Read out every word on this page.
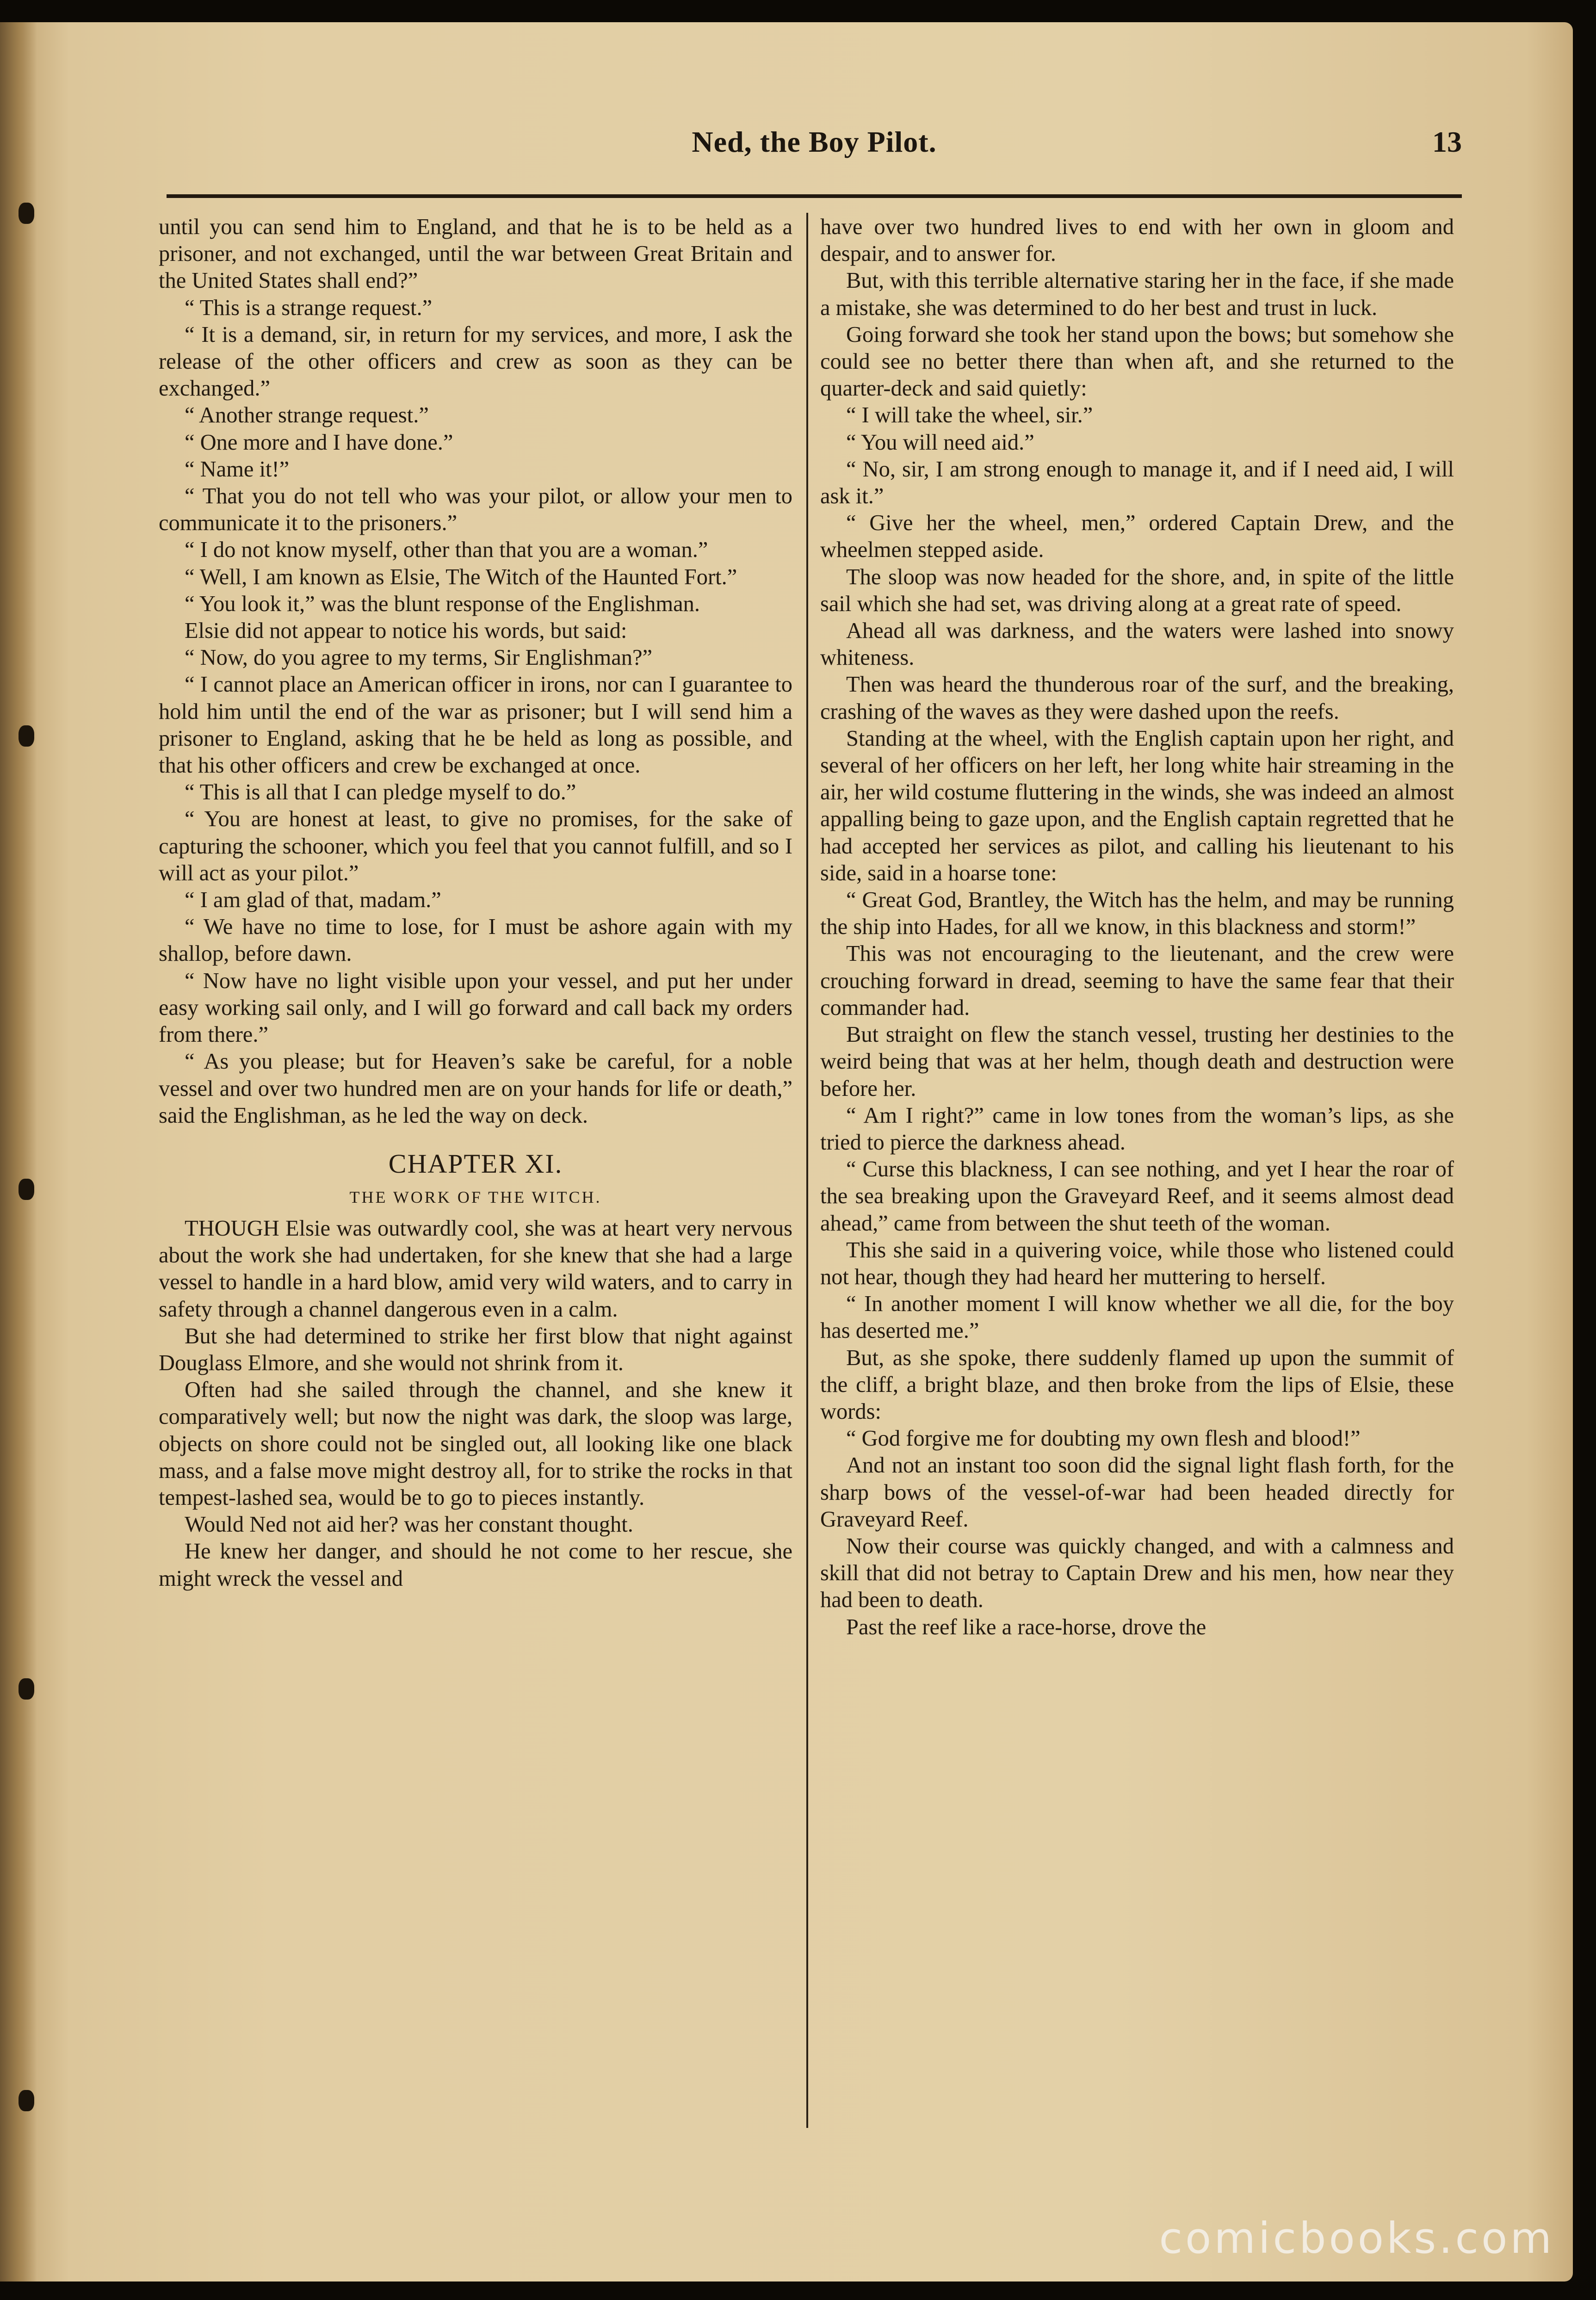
Ned, the Boy Pilot.	13

until you can send him to England, and that he is to be held as a prisoner, and not exchanged, until the war between Great Britain and the United States shall end?”

“ This is a strange request.”

“ It is a demand, sir, in return for my services, and more, I ask the release of the other officers and crew as soon as they can be exchanged.”

“ Another strange request.”

“ One more and I have done.”

“ Name it!”

“ That you do not tell who was your pilot, or allow your men to communicate it to the prisoners.”

“ I do not know myself, other than that you are a woman.”

“ Well, I am known as Elsie, The Witch of the Haunted Fort.”

“ You look it,” was the blunt response of the Englishman.

Elsie did not appear to notice his words, but said:

“ Now, do you agree to my terms, Sir Englishman?”

“ I cannot place an American officer in irons, nor can I guarantee to hold him until the end of the war as prisoner; but I will send him a prisoner to England, asking that he be held as long as possible, and that his other officers and crew be exchanged at once.

“ This is all that I can pledge myself to do.”

“ You are honest at least, to give no promises, for the sake of capturing the schooner, which you feel that you cannot fulfill, and so I will act as your pilot.”

“ I am glad of that, madam.”

“ We have no time to lose, for I must be ashore again with my shallop, before dawn.

“ Now have no light visible upon your vessel, and put her under easy working sail only, and I will go forward and call back my orders from there.”

“ As you please; but for Heaven’s sake be careful, for a noble vessel and over two hundred men are on your hands for life or death,” said the Englishman, as he led the way on deck.

CHAPTER XI.
THE WORK OF THE WITCH.

THOUGH Elsie was outwardly cool, she was at heart very nervous about the work she had undertaken, for she knew that she had a large vessel to handle in a hard blow, amid very wild waters, and to carry in safety through a channel dangerous even in a calm.

But she had determined to strike her first blow that night against Douglass Elmore, and she would not shrink from it.

Often had she sailed through the channel, and she knew it comparatively well; but now the night was dark, the sloop was large, objects on shore could not be singled out, all looking like one black mass, and a false move might destroy all, for to strike the rocks in that tempest-lashed sea, would be to go to pieces instantly.

Would Ned not aid her? was her constant thought.

He knew her danger, and should he not come to her rescue, she might wreck the vessel and

have over two hundred lives to end with her own in gloom and despair, and to answer for.

But, with this terrible alternative staring her in the face, if she made a mistake, she was determined to do her best and trust in luck.

Going forward she took her stand upon the bows; but somehow she could see no better there than when aft, and she returned to the quarter-deck and said quietly:

“ I will take the wheel, sir.”

“ You will need aid.”

“ No, sir, I am strong enough to manage it, and if I need aid, I will ask it.”

“ Give her the wheel, men,” ordered Captain Drew, and the wheelmen stepped aside.

The sloop was now headed for the shore, and, in spite of the little sail which she had set, was driving along at a great rate of speed.

Ahead all was darkness, and the waters were lashed into snowy whiteness.

Then was heard the thunderous roar of the surf, and the breaking, crashing of the waves as they were dashed upon the reefs.

Standing at the wheel, with the English captain upon her right, and several of her officers on her left, her long white hair streaming in the air, her wild costume fluttering in the winds, she was indeed an almost appalling being to gaze upon, and the English captain regretted that he had accepted her services as pilot, and calling his lieutenant to his side, said in a hoarse tone:

“ Great God, Brantley, the Witch has the helm, and may be running the ship into Hades, for all we know, in this blackness and storm!”

This was not encouraging to the lieutenant, and the crew were crouching forward in dread, seeming to have the same fear that their commander had.

But straight on flew the stanch vessel, trusting her destinies to the weird being that was at her helm, though death and destruction were before her.

“ Am I right?” came in low tones from the woman’s lips, as she tried to pierce the darkness ahead.

“ Curse this blackness, I can see nothing, and yet I hear the roar of the sea breaking upon the Graveyard Reef, and it seems almost dead ahead,” came from between the shut teeth of the woman.

This she said in a quivering voice, while those who listened could not hear, though they had heard her muttering to herself.

“ In another moment I will know whether we all die, for the boy has deserted me.”

But, as she spoke, there suddenly flamed up upon the summit of the cliff, a bright blaze, and then broke from the lips of Elsie, these words:

“ God forgive me for doubting my own flesh and blood!”

And not an instant too soon did the signal light flash forth, for the sharp bows of the vessel-of-war had been headed directly for Graveyard Reef.

Now their course was quickly changed, and with a calmness and skill that did not betray to Captain Drew and his men, how near they had been to death.

Past the reef like a race-horse, drove the

comicbooks.com
